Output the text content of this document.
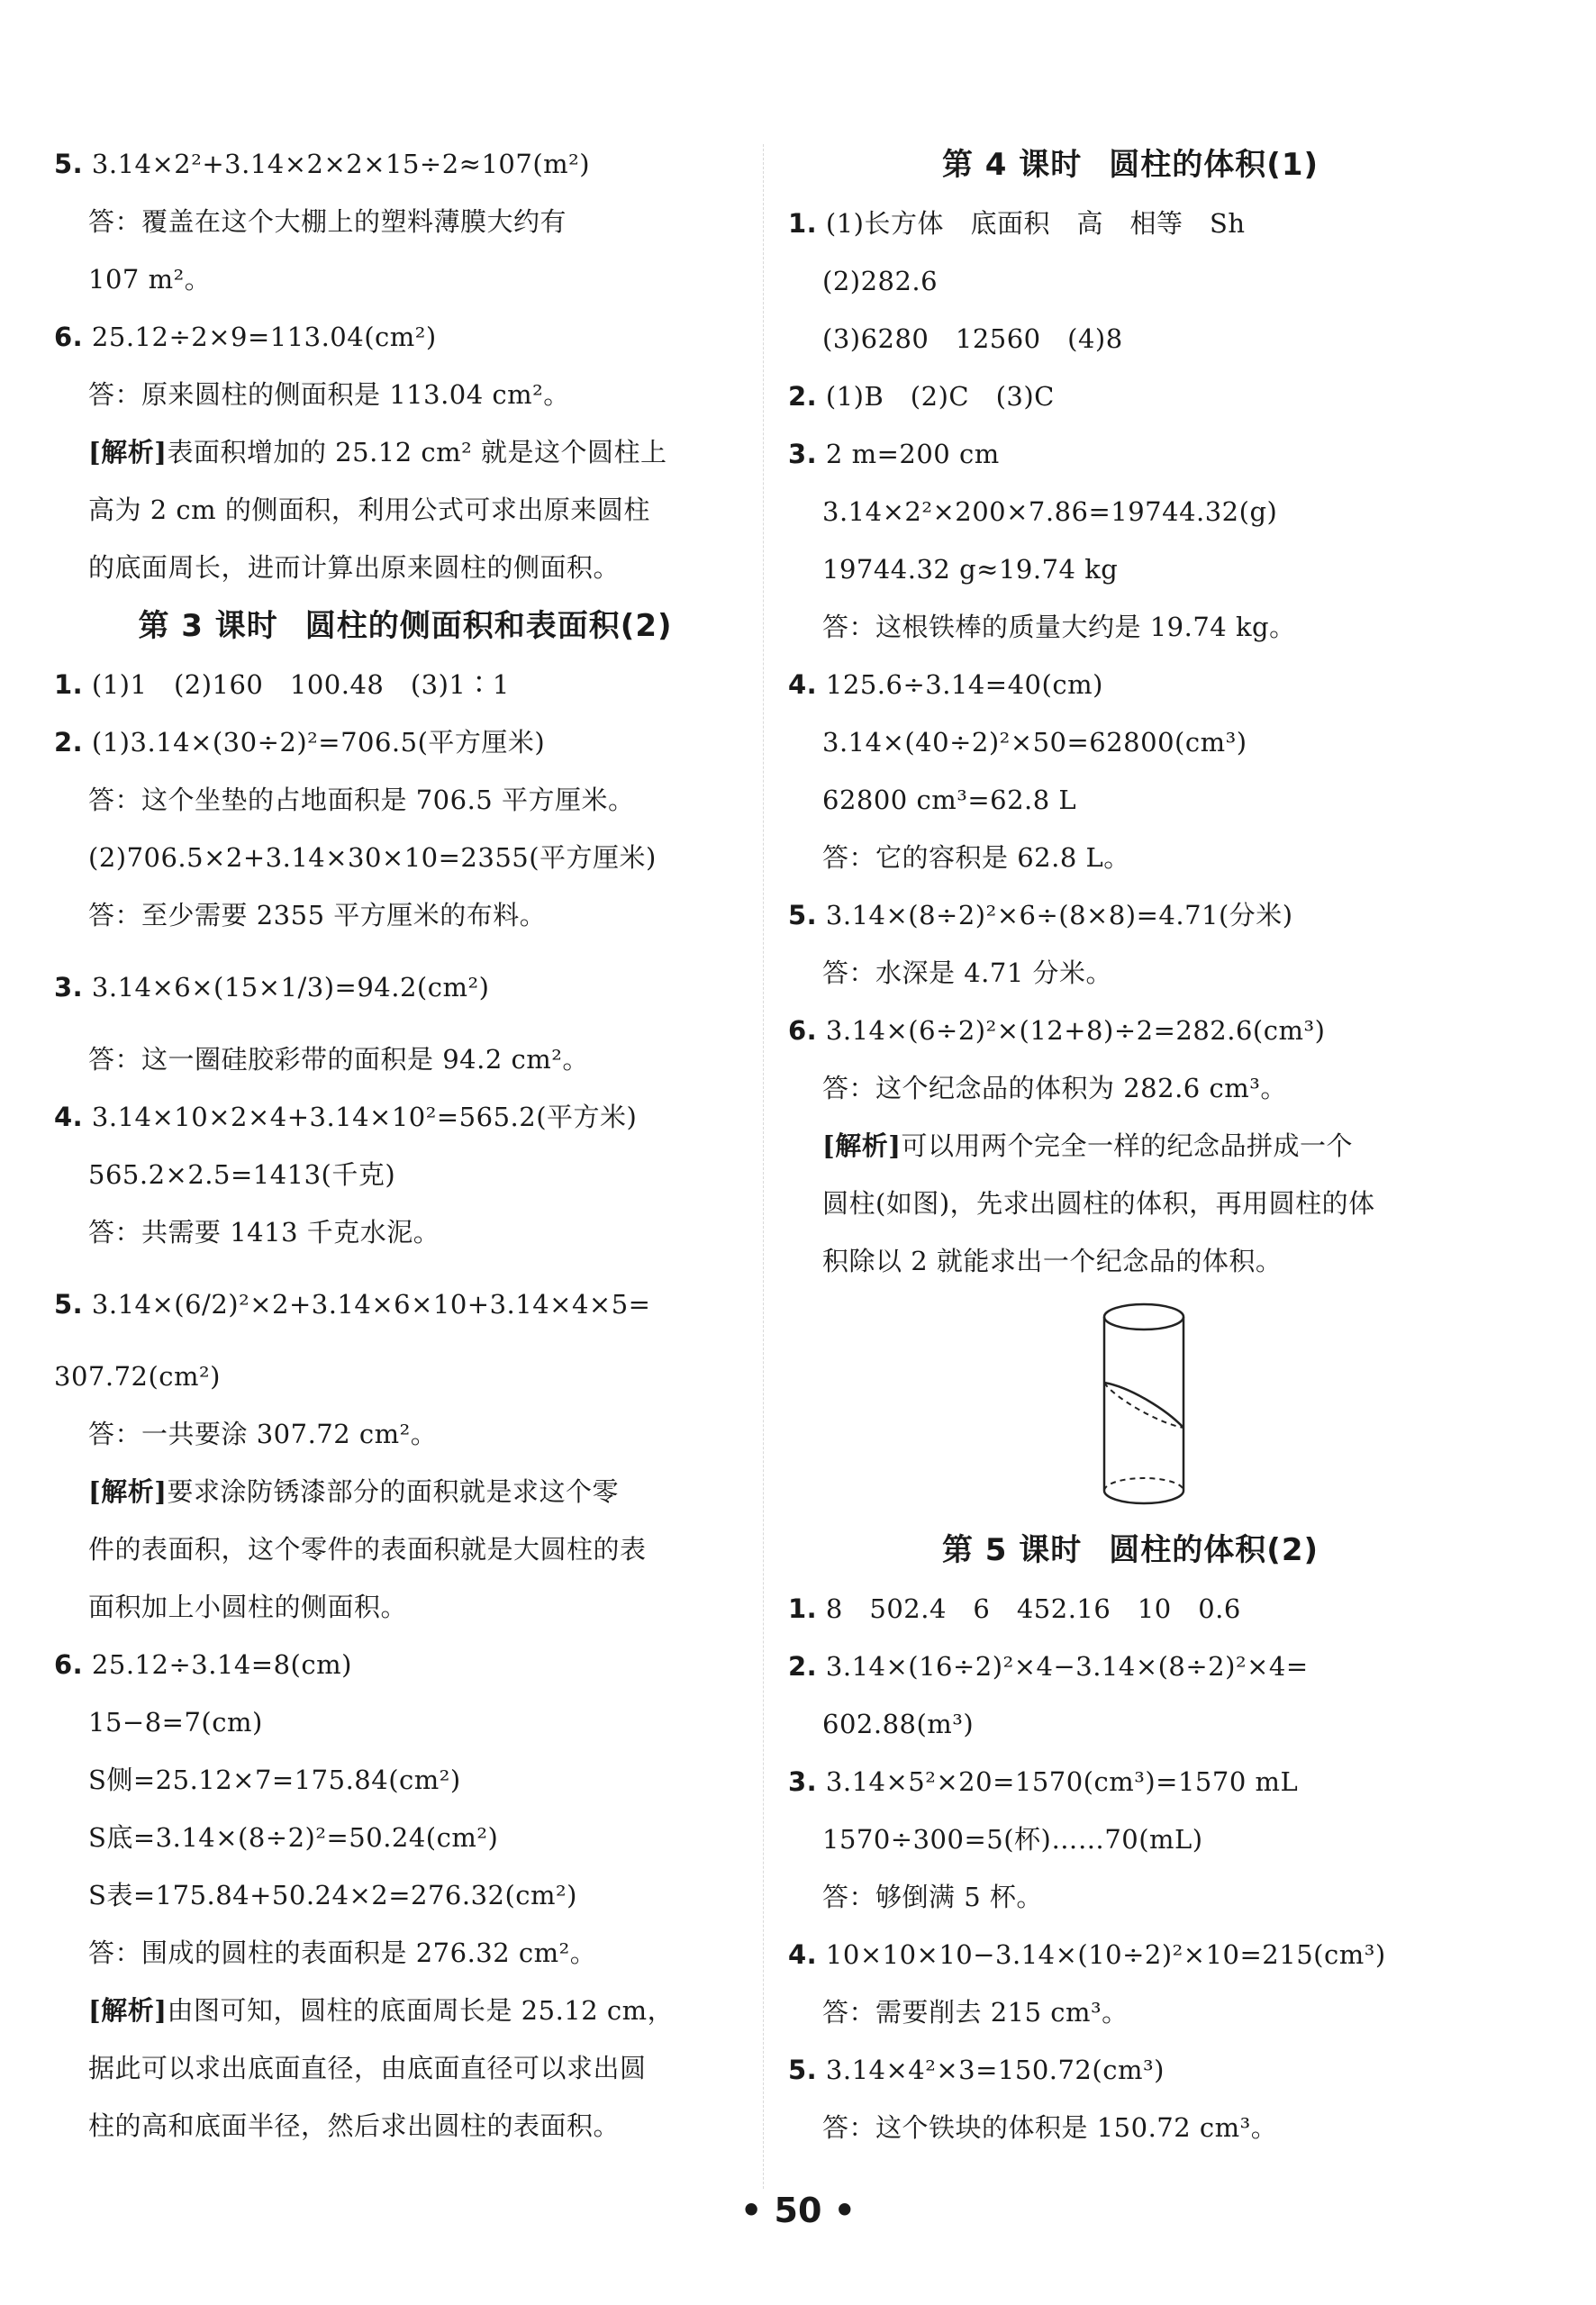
5. 3.14×2²+3.14×2×2×15÷2≈107(m²)
答：覆盖在这个大棚上的塑料薄膜大约有
107 m²。
6. 25.12÷2×9=113.04(cm²)
答：原来圆柱的侧面积是 113.04 cm²。
[解析]表面积增加的 25.12 cm² 就是这个圆柱上
高为 2 cm 的侧面积，利用公式可求出原来圆柱
的底面周长，进而计算出原来圆柱的侧面积。
第 3 课时 圆柱的侧面积和表面积(2)
1. (1)1　(2)160　100.48　(3)1∶1
2. (1)3.14×(30÷2)²=706.5(平方厘米)
答：这个坐垫的占地面积是 706.5 平方厘米。
(2)706.5×2+3.14×30×10=2355(平方厘米)
答：至少需要 2355 平方厘米的布料。
3. 3.14×6×(15×1/3)=94.2(cm²)
答：这一圈硅胶彩带的面积是 94.2 cm²。
4. 3.14×10×2×4+3.14×10²=565.2(平方米)
565.2×2.5=1413(千克)
答：共需要 1413 千克水泥。
5. 3.14×(6/2)²×2+3.14×6×10+3.14×4×5=
307.72(cm²)
答：一共要涂 307.72 cm²。
[解析]要求涂防锈漆部分的面积就是求这个零
件的表面积，这个零件的表面积就是大圆柱的表
面积加上小圆柱的侧面积。
6. 25.12÷3.14=8(cm)
15−8=7(cm)
S侧=25.12×7=175.84(cm²)
S底=3.14×(8÷2)²=50.24(cm²)
S表=175.84+50.24×2=276.32(cm²)
答：围成的圆柱的表面积是 276.32 cm²。
[解析]由图可知，圆柱的底面周长是 25.12 cm，
据此可以求出底面直径，由底面直径可以求出圆
柱的高和底面半径，然后求出圆柱的表面积。
第 4 课时 圆柱的体积(1)
1. (1)长方体　底面积　高　相等　Sh
(2)282.6
(3)6280　12560　(4)8
2. (1)B　(2)C　(3)C
3. 2 m=200 cm
3.14×2²×200×7.86=19744.32(g)
19744.32 g≈19.74 kg
答：这根铁棒的质量大约是 19.74 kg。
4. 125.6÷3.14=40(cm)
3.14×(40÷2)²×50=62800(cm³)
62800 cm³=62.8 L
答：它的容积是 62.8 L。
5. 3.14×(8÷2)²×6÷(8×8)=4.71(分米)
答：水深是 4.71 分米。
6. 3.14×(6÷2)²×(12+8)÷2=282.6(cm³)
答：这个纪念品的体积为 282.6 cm³。
[解析]可以用两个完全一样的纪念品拼成一个
圆柱(如图)，先求出圆柱的体积，再用圆柱的体
积除以 2 就能求出一个纪念品的体积。
第 5 课时 圆柱的体积(2)
1. 8　502.4　6　452.16　10　0.6
2. 3.14×(16÷2)²×4−3.14×(8÷2)²×4=
602.88(m³)
3. 3.14×5²×20=1570(cm³)=1570 mL
1570÷300=5(杯)……70(mL)
答：够倒满 5 杯。
4. 10×10×10−3.14×(10÷2)²×10=215(cm³)
答：需要削去 215 cm³。
5. 3.14×4²×3=150.72(cm³)
答：这个铁块的体积是 150.72 cm³。
• 50 •
